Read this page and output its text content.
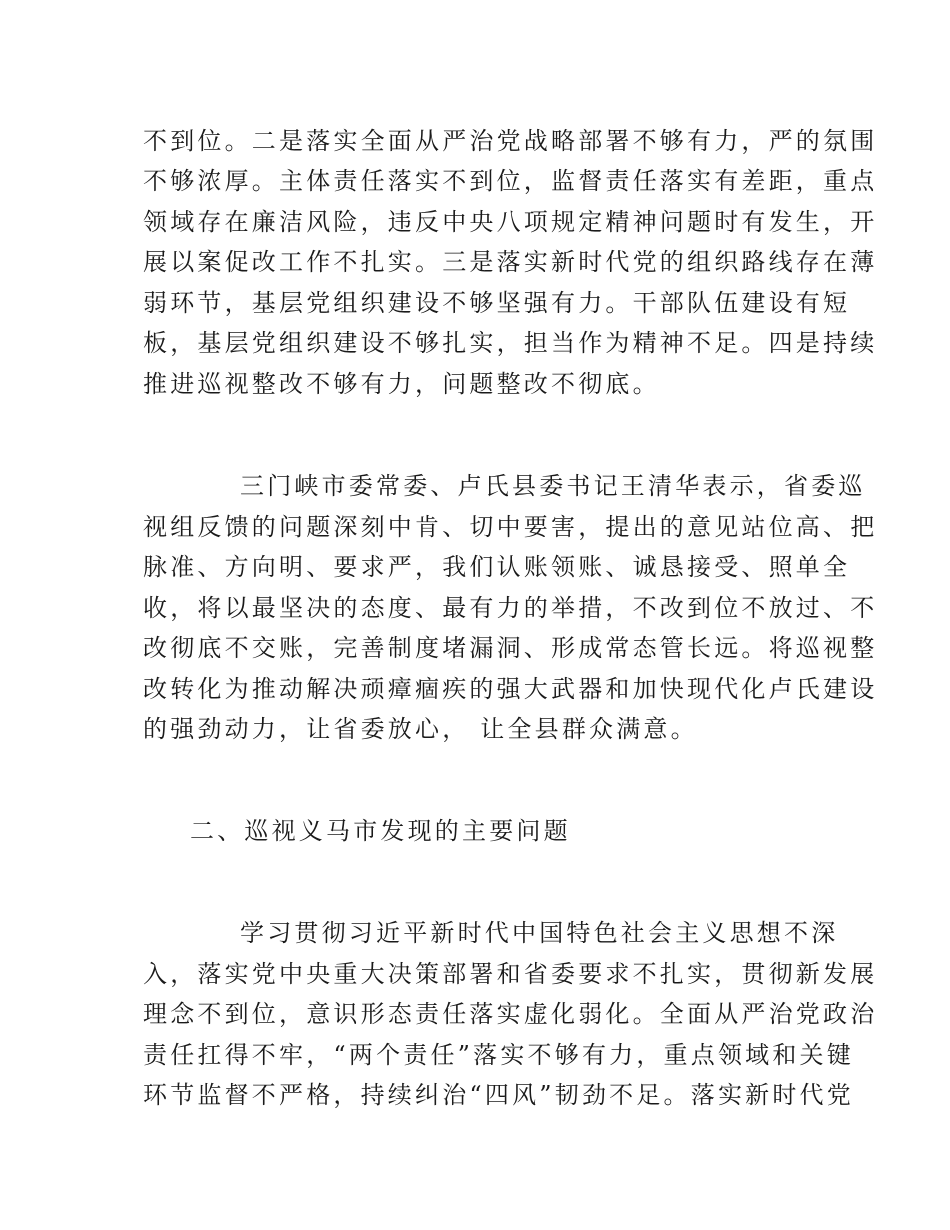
不到位。二是落实全面从严治党战略部署不够有力，严的氛围
不够浓厚。主体责任落实不到位，监督责任落实有差距，重点
领域存在廉洁风险，违反中央八项规定精神问题时有发生，开
展以案促改工作不扎实。三是落实新时代党的组织路线存在薄
弱环节，基层党组织建设不够坚强有力。干部队伍建设有短
板，基层党组织建设不够扎实，担当作为精神不足。四是持续
推进巡视整改不够有力，问题整改不彻底。
三门峡市委常委、卢氏县委书记王清华表示，省委巡
视组反馈的问题深刻中肯、切中要害，提出的意见站位高、把
脉准、方向明、要求严，我们认账领账、诚恳接受、照单全
收，将以最坚决的态度、最有力的举措，不改到位不放过、不
改彻底不交账，完善制度堵漏洞、形成常态管长远。将巡视整
改转化为推动解决顽瘴痼疾的强大武器和加快现代化卢氏建设
的强劲动力，让省委放心， 让全县群众满意。
二、巡视义马市发现的主要问题
学习贯彻习近平新时代中国特色社会主义思想不深
入，落实党中央重大决策部署和省委要求不扎实，贯彻新发展
理念不到位，意识形态责任落实虚化弱化。全面从严治党政治
责任扛得不牢，“两个责任”落实不够有力，重点领域和关键
环节监督不严格，持续纠治“四风”韧劲不足。落实新时代党
